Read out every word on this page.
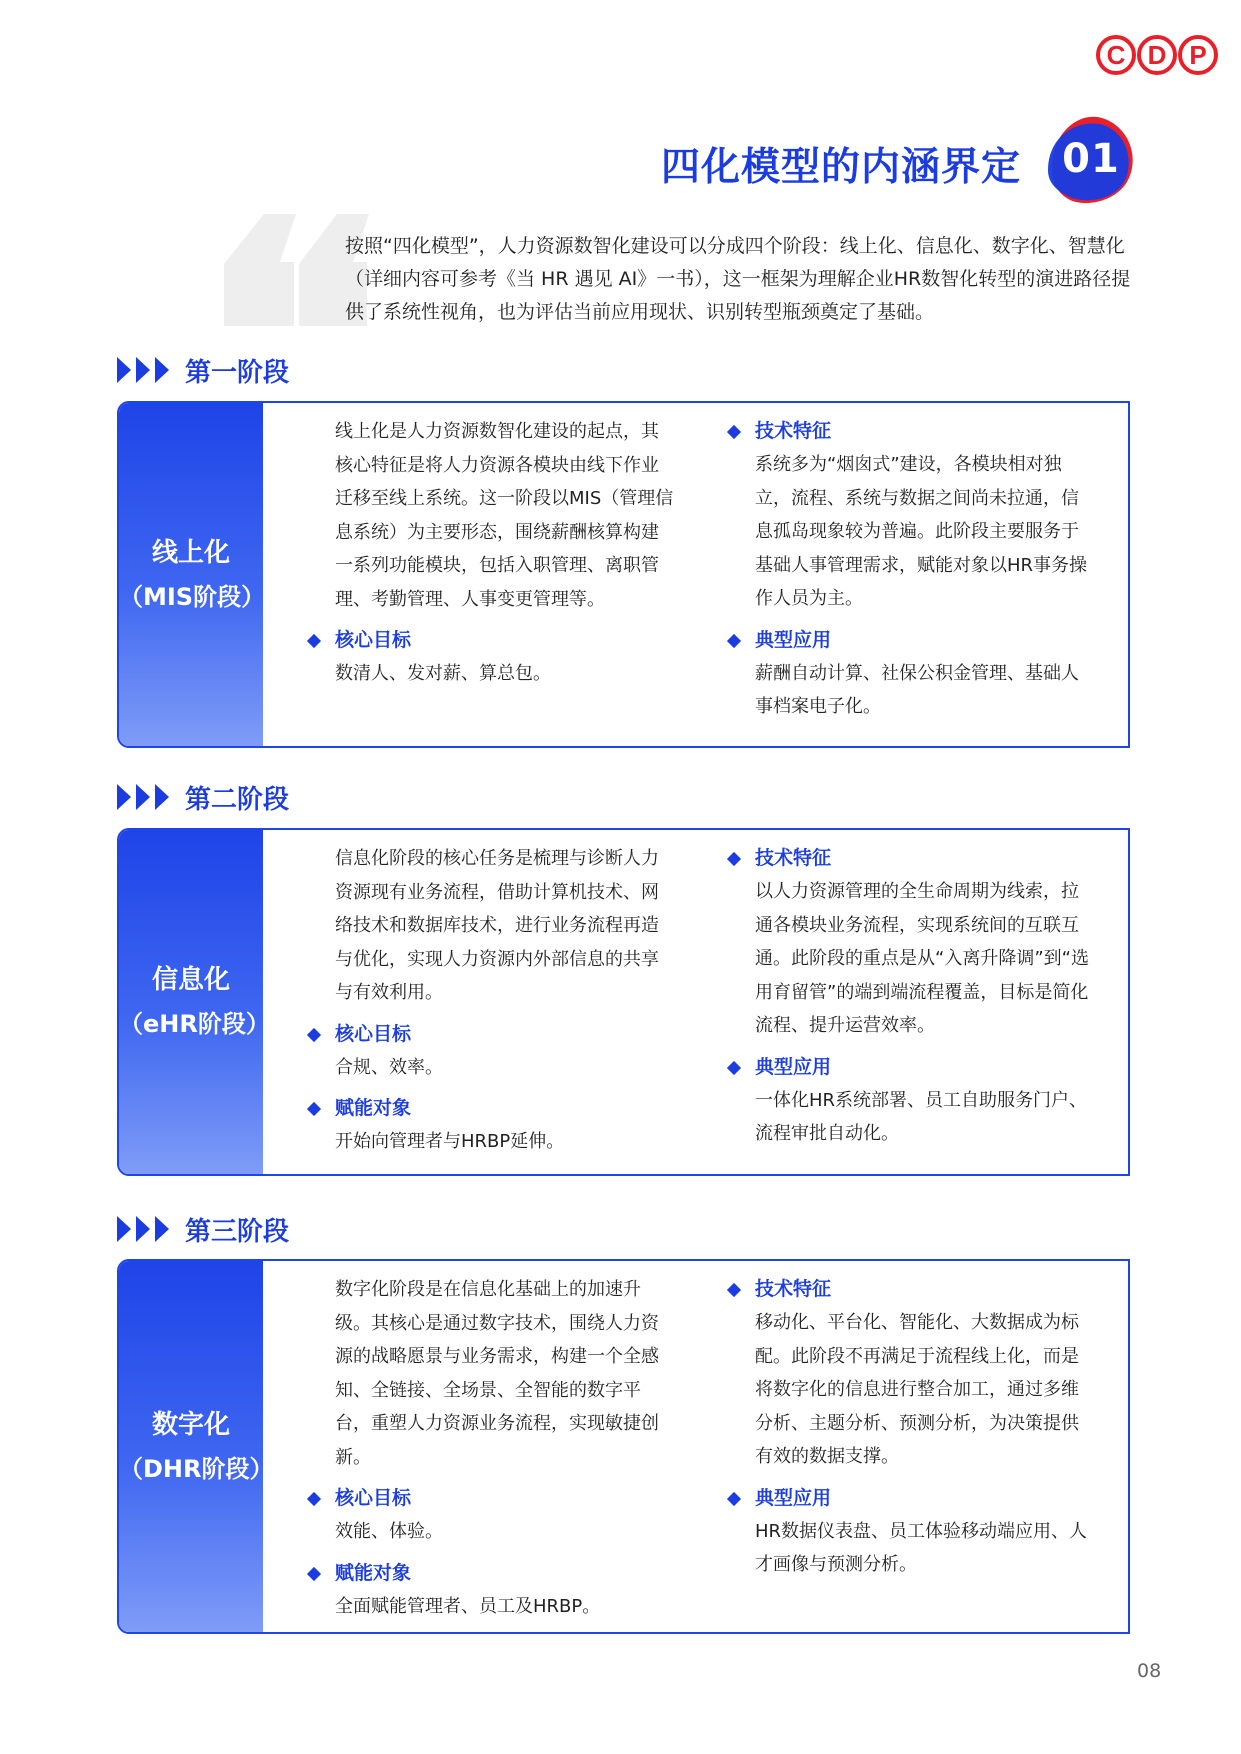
C D P
四化模型的内涵界定	01
按照“四化模型”，人力资源数智化建设可以分成四个阶段：线上化、信息化、数字化、智慧化（详细内容可参考《当 HR 遇见 AI》一书），这一框架为理解企业HR数智化转型的演进路径提供了系统性视角，也为评估当前应用现状、识别转型瓶颈奠定了基础。
第一阶段
线上化
（MIS阶段）

线上化是人力资源数智化建设的起点，其核心特征是将人力资源各模块由线下作业迁移至线上系统。这一阶段以MIS（管理信息系统）为主要形态，围绕薪酬核算构建一系列功能模块，包括入职管理、离职管理、考勤管理、人事变更管理等。

核心目标

数清人、发对薪、算总包。

技术特征

系统多为“烟囱式”建设，各模块相对独立，流程、系统与数据之间尚未拉通，信息孤岛现象较为普遍。此阶段主要服务于基础人事管理需求，赋能对象以HR事务操作人员为主。

典型应用

薪酬自动计算、社保公积金管理、基础人事档案电子化。

第二阶段
信息化
（eHR阶段）

信息化阶段的核心任务是梳理与诊断人力资源现有业务流程，借助计算机技术、网络技术和数据库技术，进行业务流程再造与优化，实现人力资源内外部信息的共享与有效利用。

核心目标

合规、效率。

赋能对象

开始向管理者与HRBP延伸。

技术特征

以人力资源管理的全生命周期为线索，拉通各模块业务流程，实现系统间的互联互通。此阶段的重点是从“入离升降调”到“选用育留管”的端到端流程覆盖，目标是简化流程、提升运营效率。

典型应用

一体化HR系统部署、员工自助服务门户、流程审批自动化。

第三阶段
数字化
（DHR阶段）

数字化阶段是在信息化基础上的加速升级。其核心是通过数字技术，围绕人力资源的战略愿景与业务需求，构建一个全感知、全链接、全场景、全智能的数字平台，重塑人力资源业务流程，实现敏捷创新。

核心目标

效能、体验。

赋能对象

全面赋能管理者、员工及HRBP。

技术特征

移动化、平台化、智能化、大数据成为标配。此阶段不再满足于流程线上化，而是将数字化的信息进行整合加工，通过多维分析、主题分析、预测分析，为决策提供有效的数据支撑。

典型应用

HR数据仪表盘、员工体验移动端应用、人才画像与预测分析。

08
